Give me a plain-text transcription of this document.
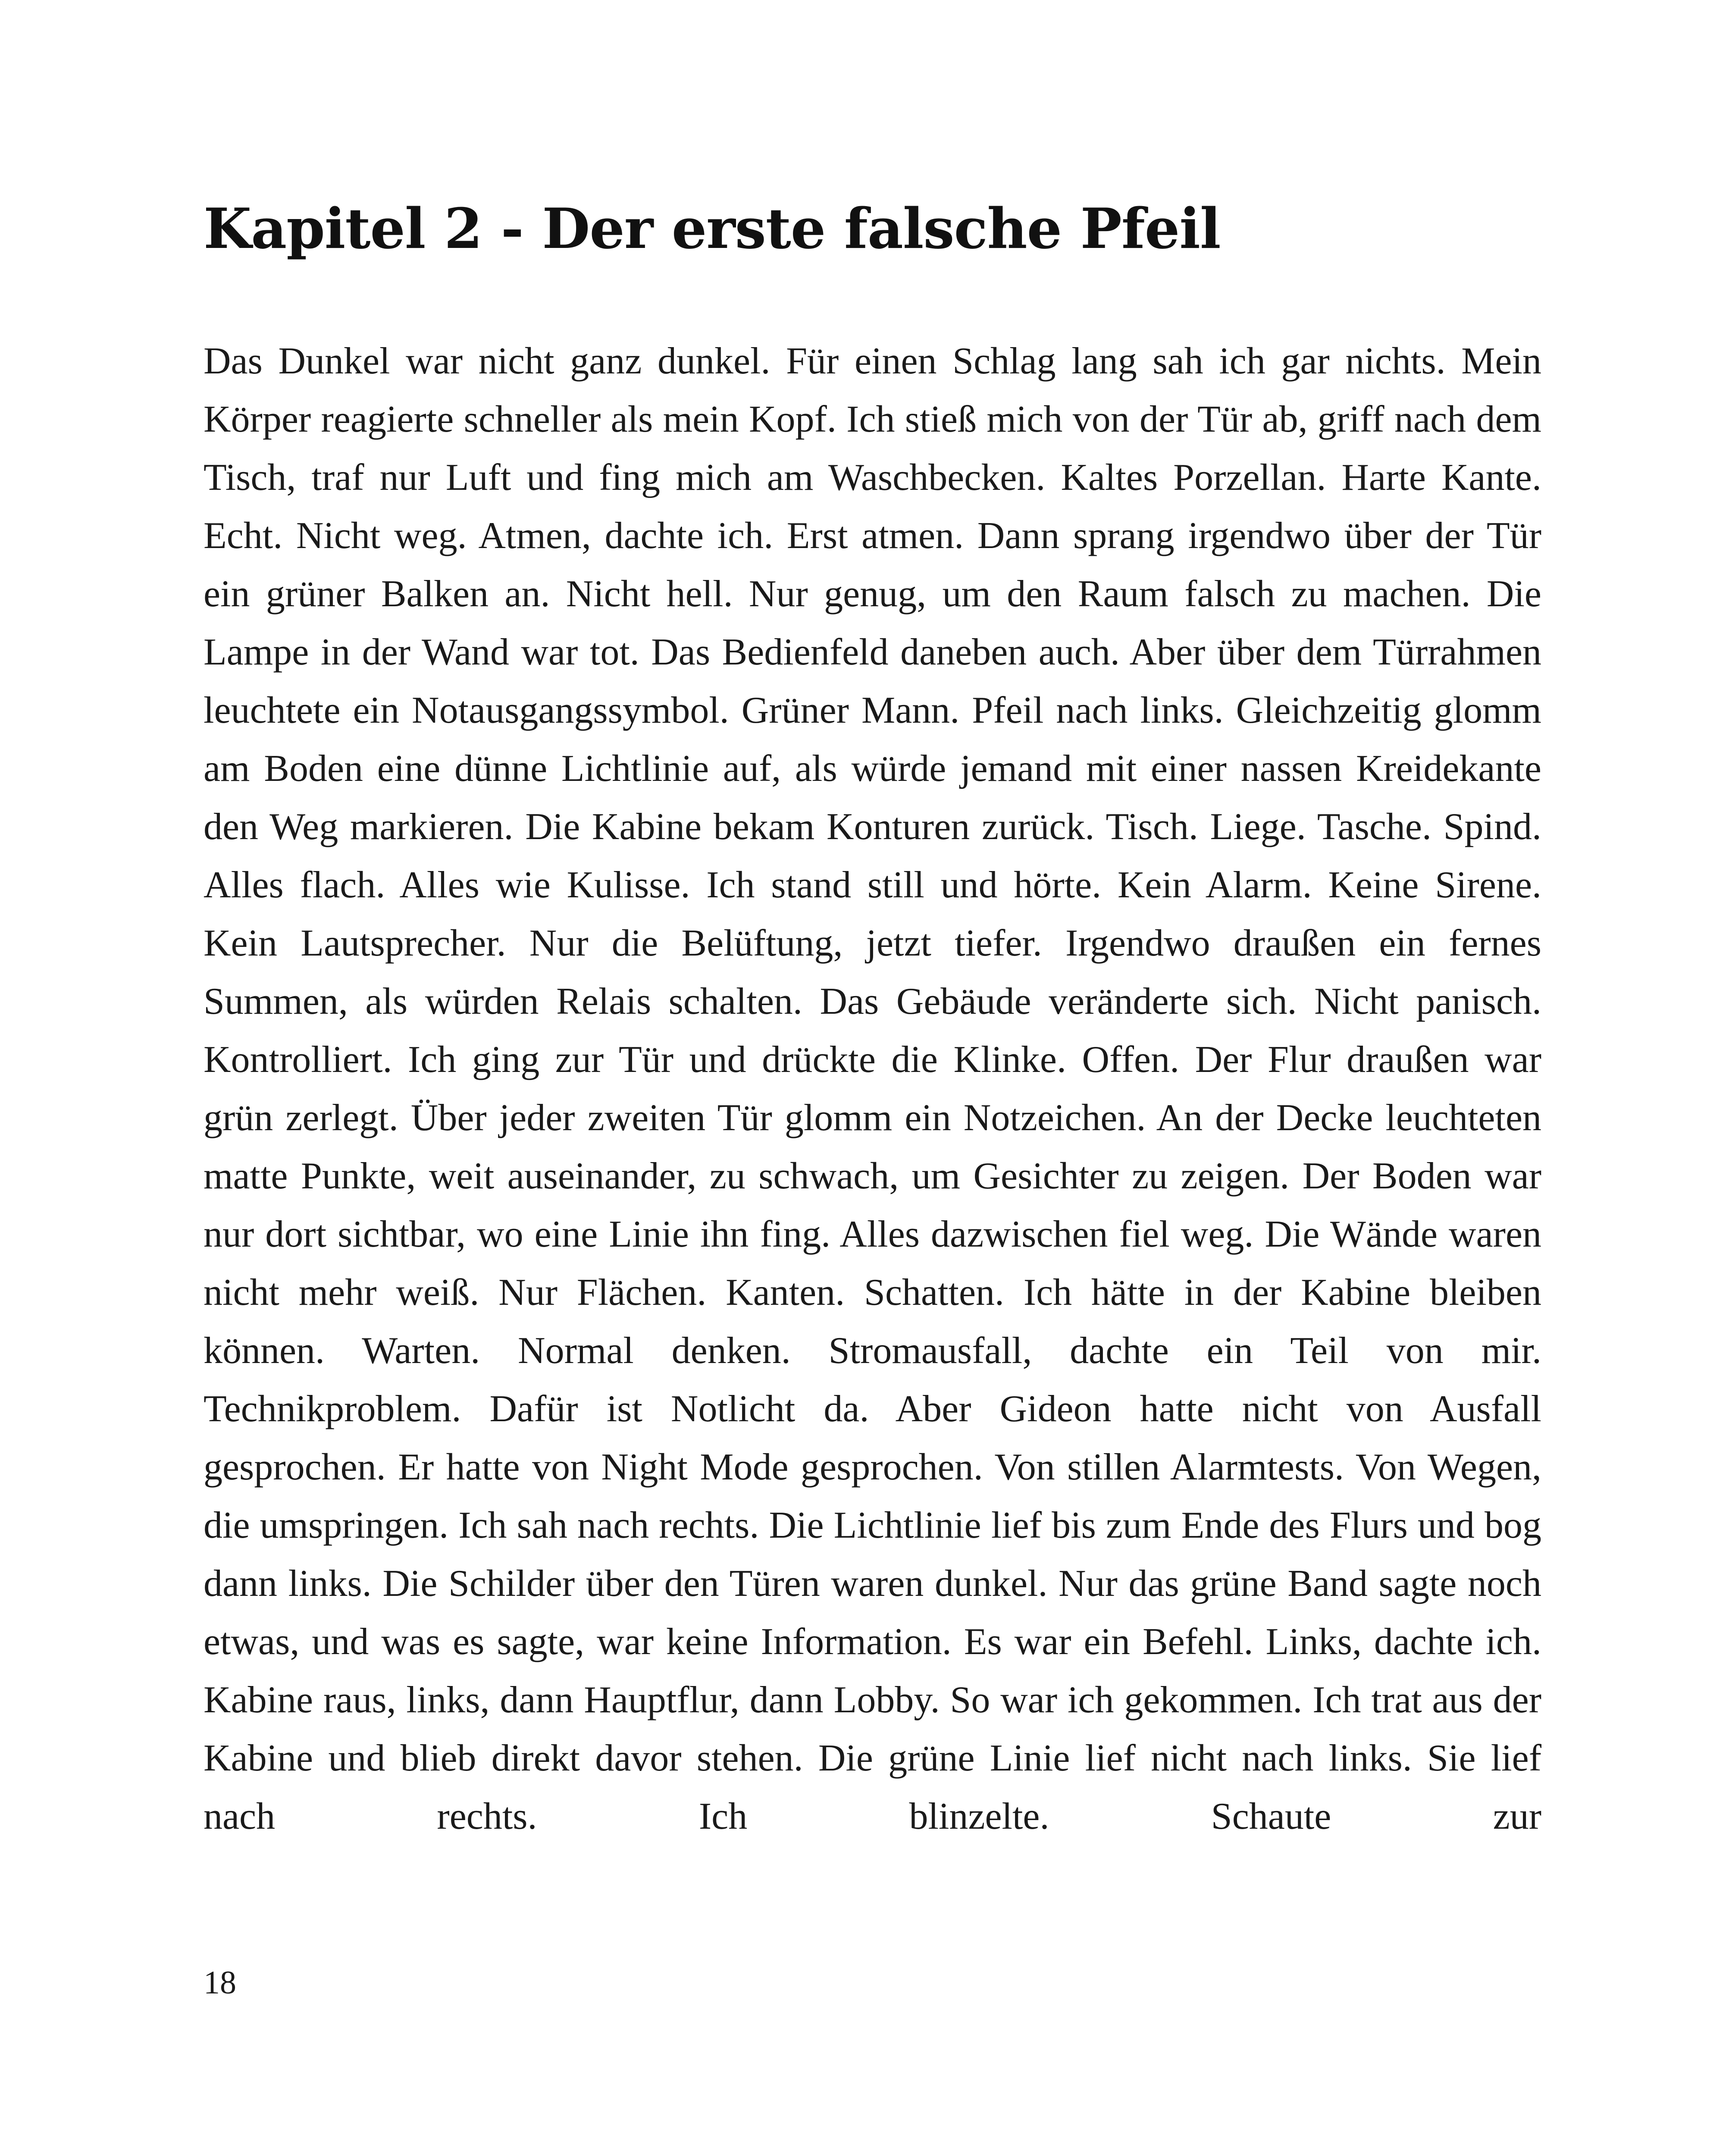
Kapitel 2 - Der erste falsche Pfeil

Das Dunkel war nicht ganz dunkel. Für einen Schlag lang sah ich gar nichts. Mein Körper reagierte schneller als mein Kopf. Ich stieß mich von der Tür ab, griff nach dem Tisch, traf nur Luft und fing mich am Waschbecken. Kaltes Porzellan. Harte Kante. Echt. Nicht weg. Atmen, dachte ich. Erst atmen. Dann sprang irgendwo über der Tür ein grüner Balken an. Nicht hell. Nur genug, um den Raum falsch zu machen. Die Lampe in der Wand war tot. Das Bedienfeld daneben auch. Aber über dem Türrahmen leuchtete ein Notausgangssymbol. Grüner Mann. Pfeil nach links. Gleichzeitig glomm am Boden eine dünne Lichtlinie auf, als würde jemand mit einer nassen Kreidekante den Weg markieren. Die Kabine bekam Konturen zurück. Tisch. Liege. Tasche. Spind. Alles flach. Alles wie Kulisse. Ich stand still und hörte. Kein Alarm. Keine Sirene. Kein Lautsprecher. Nur die Belüftung, jetzt tiefer. Irgendwo draußen ein fernes Summen, als würden Relais schalten. Das Gebäude veränderte sich. Nicht panisch. Kontrolliert. Ich ging zur Tür und drückte die Klinke. Offen. Der Flur draußen war grün zerlegt. Über jeder zweiten Tür glomm ein Notzeichen. An der Decke leuchteten matte Punkte, weit auseinander, zu schwach, um Gesichter zu zeigen. Der Boden war nur dort sichtbar, wo eine Linie ihn fing. Alles dazwischen fiel weg. Die Wände waren nicht mehr weiß. Nur Flächen. Kanten. Schatten. Ich hätte in der Kabine bleiben können. Warten. Normal denken. Stromausfall, dachte ein Teil von mir. Technikproblem. Dafür ist Notlicht da. Aber Gideon hatte nicht von Ausfall gesprochen. Er hatte von Night Mode gesprochen. Von stillen Alarmtests. Von Wegen, die umspringen. Ich sah nach rechts. Die Lichtlinie lief bis zum Ende des Flurs und bog dann links. Die Schilder über den Türen waren dunkel. Nur das grüne Band sagte noch etwas, und was es sagte, war keine Information. Es war ein Befehl. Links, dachte ich. Kabine raus, links, dann Hauptflur, dann Lobby. So war ich gekommen. Ich trat aus der Kabine und blieb direkt davor stehen. Die grüne Linie lief nicht nach links. Sie lief nach rechts. Ich blinzelte. Schaute zur

18
